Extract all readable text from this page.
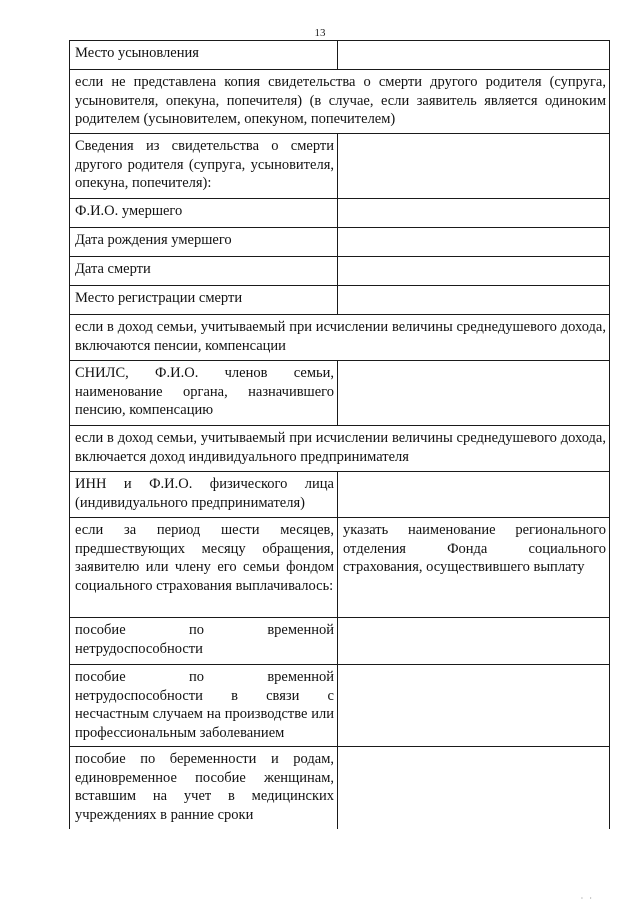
13
Место усыновления	
если не представлена копия свидетельства о смерти другого родителя (супруга, усыновителя, опекуна, попечителя) (в случае, если заявитель является одиноким родителем (усыновителем, опекуном, попечителем)	
Сведения из свидетельства о смерти другого родителя (супруга, усыновителя, опекуна, попечителя):	
Ф.И.О. умершего	
Дата рождения умершего	
Дата смерти	
Место регистрации смерти	
если в доход семьи, учитываемый при исчислении величины среднедушевого дохода, включаются пенсии, компенсации	
СНИЛС, Ф.И.О. членов семьи, наименование органа, назначившего пенсию, компенсацию	
если в доход семьи, учитываемый при исчислении величины среднедушевого дохода, включается доход индивидуального предпринимателя	
ИНН и Ф.И.О. физического лица (индивидуального предпринимателя)	
если за период шести месяцев, предшествующих месяцу обращения, заявителю или члену его семьи фондом социального страхования выплачивалось:	указать наименование регионального отделения Фонда социального страхования, осуществившего выплату
пособие по временной нетрудоспособности	
пособие по временной нетрудоспособности в связи с несчастным случаем на производстве или профессиональным заболеванием	
пособие по беременности и родам, единовременное пособие женщинам, вставшим на учет в медицинских учреждениях в ранние сроки	
· ·
